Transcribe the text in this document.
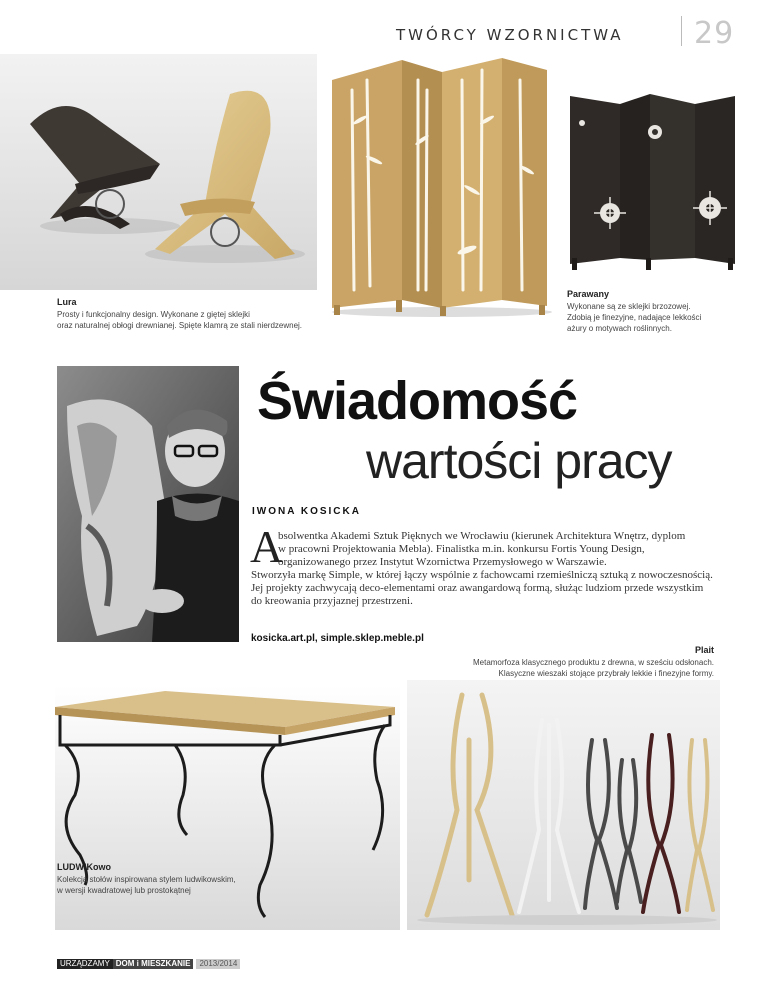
TWÓRCY WZORNICTWA 29
Lura
Prosty i funkcjonalny design. Wykonane z giętej sklejki
oraz naturalnej obłogi drewnianej. Spięte klamrą ze stali nierdzewnej.
Parawany
Wykonane są ze sklejki brzozowej.
Zdobią je finezyjne, nadające lekkości
ażury o motywach roślinnych.
Świadomość
wartości pracy
IWONA KOSICKA
A
bsolwentka Akademi Sztuk Pięknych we Wrocławiu (kierunek Architektura Wnętrz, dyplom
w pracowni Projektowania Mebla). Finalistka m.in. konkursu Fortis Young Design,
organizowanego przez Instytut Wzornictwa Przemysłowego w Warszawie.
Stworzyła markę Simple, w której łączy wspólnie z fachowcami rzemieślniczą sztuką z nowoczesnością.
Jej projekty zachwycają deco-elementami oraz awangardową formą, służąc ludziom przede wszystkim
do kreowania przyjaznej przestrzeni.
kosicka.art.pl, simple.sklep.meble.pl
Plait
Metamorfoza klasycznego produktu z drewna, w sześciu odsłonach.
Klasyczne wieszaki stojące przybrały lekkie i finezyjne formy.
LUDWIKowo
Kolekcja stołów inspirowana stylem ludwikowskim,
w wersji kwadratowej lub prostokątnej
URZĄDZAMY DOM i MIESZKANIE	2013/2014
